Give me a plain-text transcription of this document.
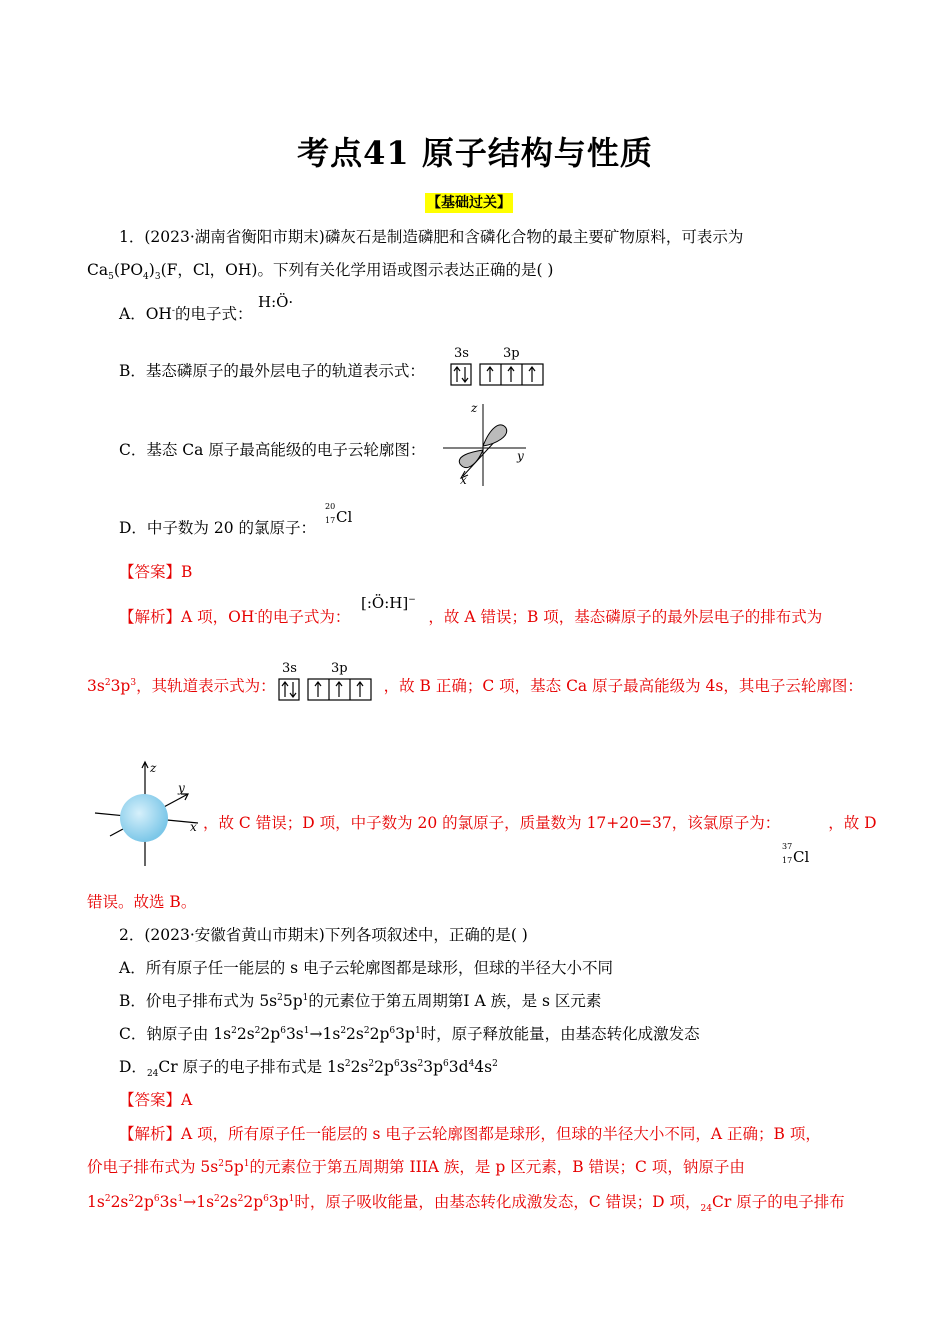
考点41 原子结构与性质
【基础过关】
1．(2023·湖南省衡阳市期末)磷灰石是制造磷肥和含磷化合物的最主要矿物原料，可表示为
$Ca_5(PO_4)_3(F$，Cl，OH)。下列有关化学用语或图示表达正确的是( )
A．OH-的电子式：
H:Ö·
B．基态磷原子的最外层电子的轨道表示式：
3s	3p
C．基态 Ca 原子最高能级的电子云轮廓图：
z
y
x
D．中子数为 20 的氯原子：
20
17 Cl
【答案】B
【解析】A 项，OH-的电子式为：	，故 A 错误；B 项，基态磷原子的最外层电子的排布式为
[:Ö:H]−
$3s^23p^3$，其轨道表示式为：	，故 B 正确；C 项，基态 Ca 原子最高能级为 4s，其电子云轮廓图：
3s	3p
z
y
x ，故 C 错误；D 项，中子数为 20 的氯原子，质量数为 17+20=37，该氯原子为：	，故 D
37
17 Cl
错误。故选 B。
2．(2023·安徽省黄山市期末)下列各项叙述中，正确的是( )
A．所有原子任一能层的 s 电子云轮廓图都是球形，但球的半径大小不同
B．价电子排布式为 $5s^25p^1$的元素位于第五周期第Ⅰ A 族，是 s 区元素
C．钠原子由 $1s^22s^22p^63s^1\to 1s^22s^22p^63p^1$时，原子释放能量，由基态转化成激发态
D．$_{24}$Cr 原子的电子排布式是 $1s^22s^22p^63s^23p^63d^44s^2$
【答案】A
【解析】A 项，所有原子任一能层的 s 电子云轮廓图都是球形，但球的半径大小不同，A 正确；B 项，
价电子排布式为 $5s^25p^1$的元素位于第五周期第 IIIA 族，是 p 区元素，B 错误；C 项，钠原子由
$1s^22s^22p^63s^1\to 1s^22s^22p^63p^1$时，原子吸收能量，由基态转化成激发态，C 错误；D 项，$_{24}$Cr 原子的电子排布
